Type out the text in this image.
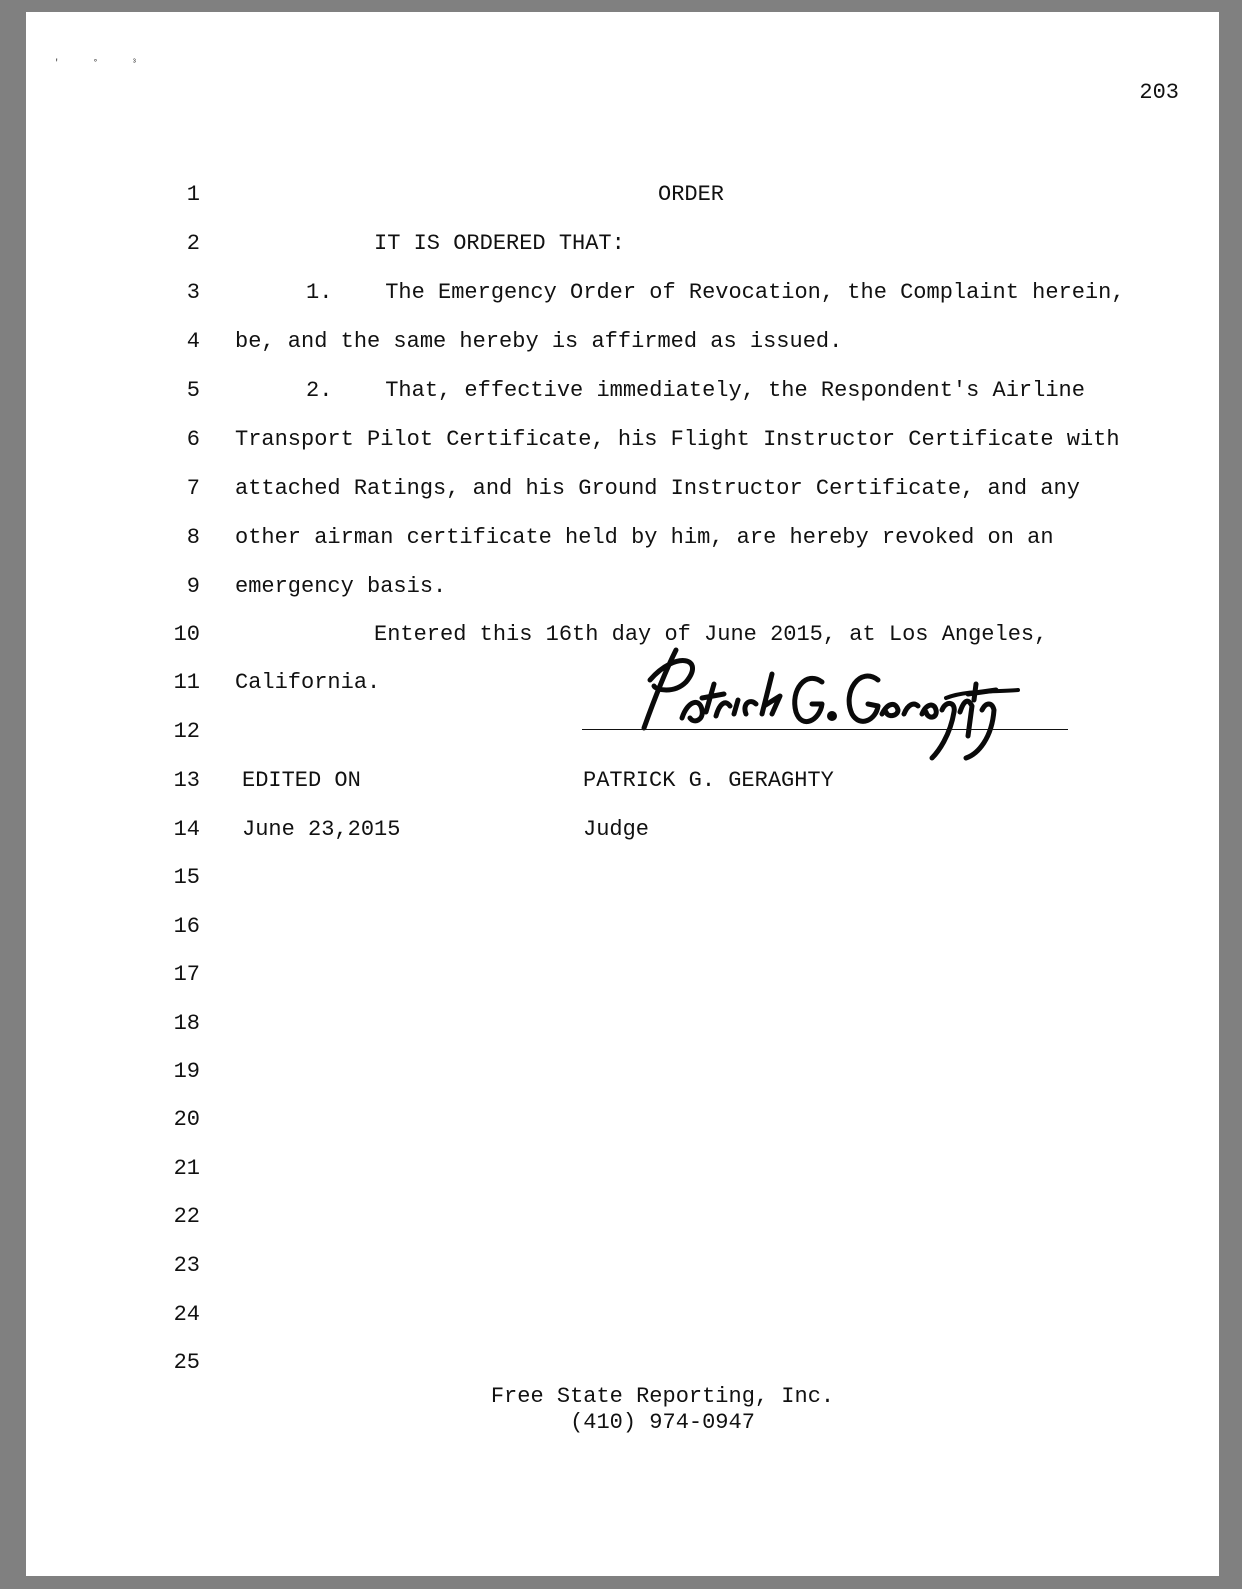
' ° ³
203
1	ORDER
2	IT IS ORDERED THAT:
3	1.    The Emergency Order of Revocation, the Complaint herein,
4 be, and the same hereby is affirmed as issued.
5	2.    That, effective immediately, the Respondent's Airline
6 Transport Pilot Certificate, his Flight Instructor Certificate with
7 attached Ratings, and his Ground Instructor Certificate, and any
8 other airman certificate held by him, are hereby revoked on an
9 emergency basis.
10	Entered this 16th day of June 2015, at Los Angeles,
11 California.
12
13 EDITED ON	PATRICK G. GERAGHTY
14 June 23,2015	Judge
15
16
17
18
19
20
21
22
23
24
25
Free State Reporting, Inc.
(410) 974-0947
